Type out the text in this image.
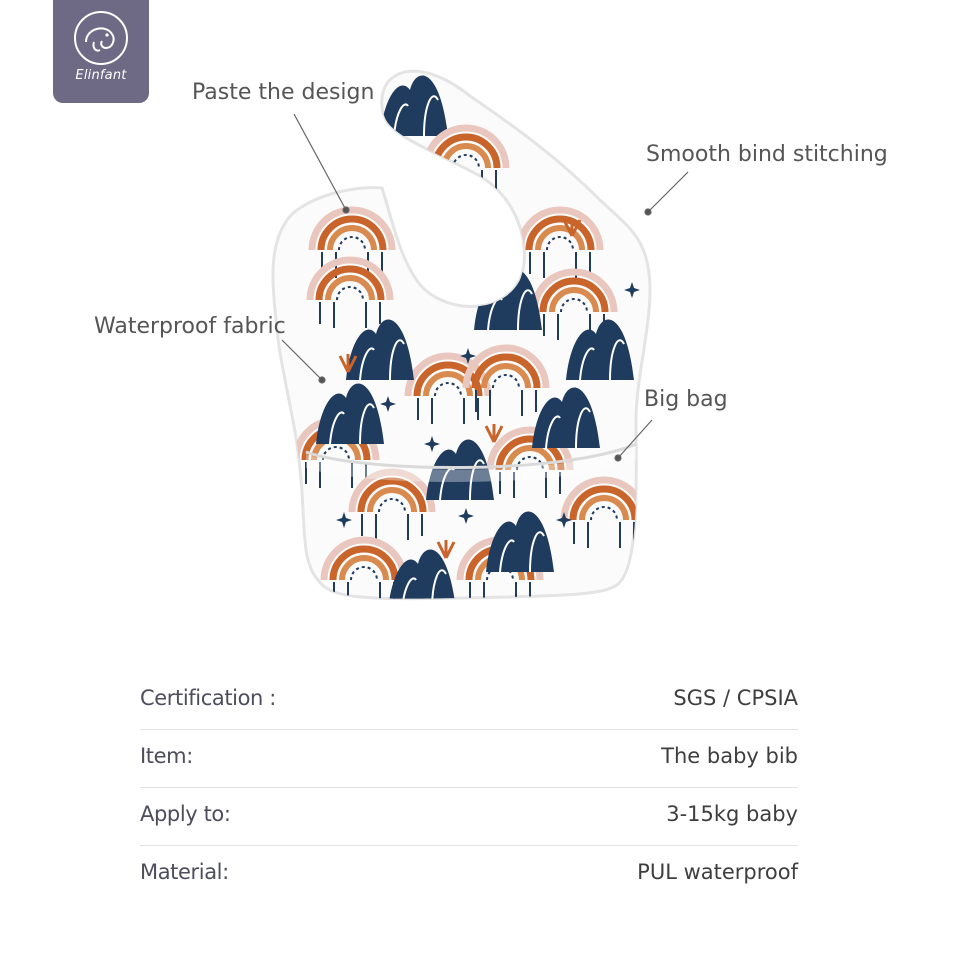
Elinfant
Paste the design
Smooth bind stitching
Waterproof fabric
Big bag
Certification :	SGS / CPSIA
Item:	The baby bib
Apply to:	3-15kg baby
Material:	PUL waterproof
